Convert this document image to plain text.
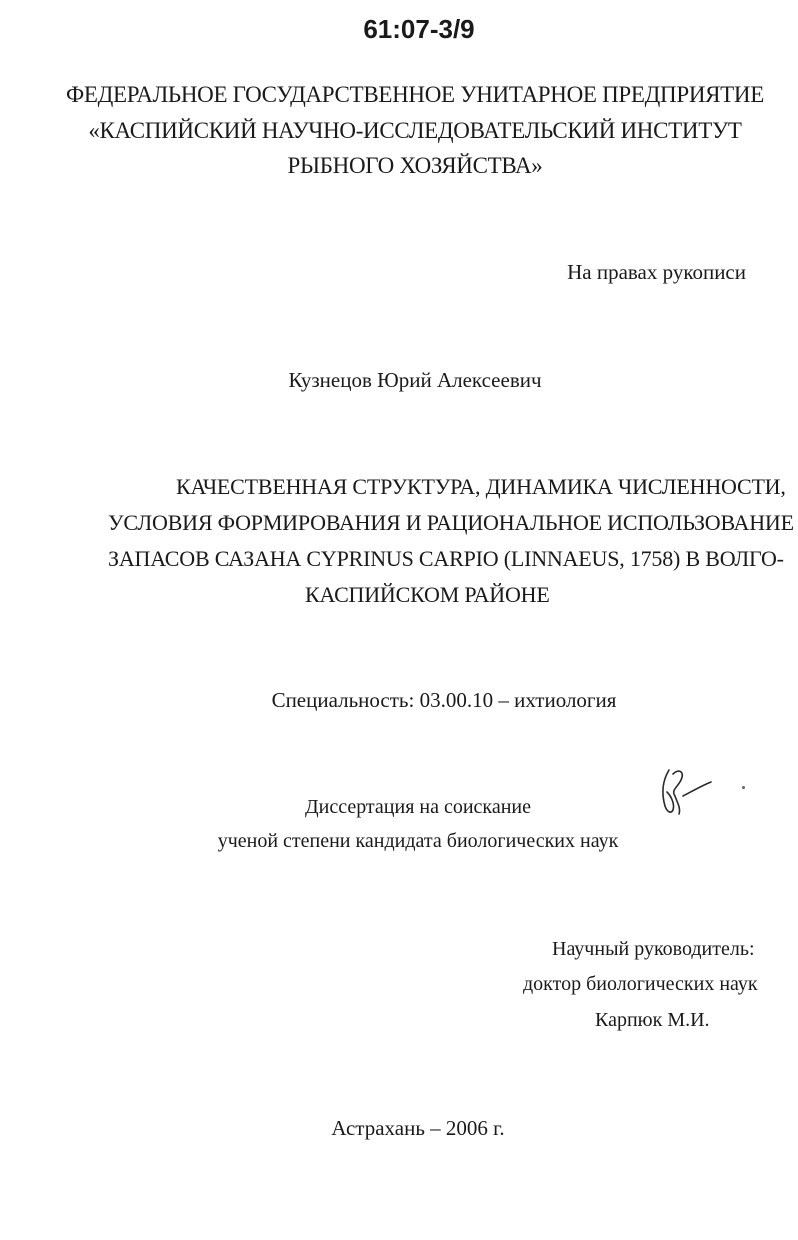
61:07-3/9
ФЕДЕРАЛЬНОЕ ГОСУДАРСТВЕННОЕ УНИТАРНОЕ ПРЕДПРИЯТИЕ
«КАСПИЙСКИЙ НАУЧНО-ИССЛЕДОВАТЕЛЬСКИЙ ИНСТИТУТ
РЫБНОГО ХОЗЯЙСТВА»
На правах рукописи
Кузнецов Юрий Алексеевич
КАЧЕСТВЕННАЯ СТРУКТУРА, ДИНАМИКА ЧИСЛЕННОСТИ,
УСЛОВИЯ ФОРМИРОВАНИЯ И РАЦИОНАЛЬНОЕ ИСПОЛЬЗОВАНИЕ
ЗАПАСОВ САЗАНА CYPRINUS CARPIO (LINNAEUS, 1758) В ВОЛГО-
КАСПИЙСКОМ РАЙОНЕ
Специальность: 03.00.10 – ихтиология
Диссертация на соискание
ученой степени кандидата биологических наук
Научный руководитель:
доктор биологических наук
Карпюк М.И.
Астрахань – 2006 г.
